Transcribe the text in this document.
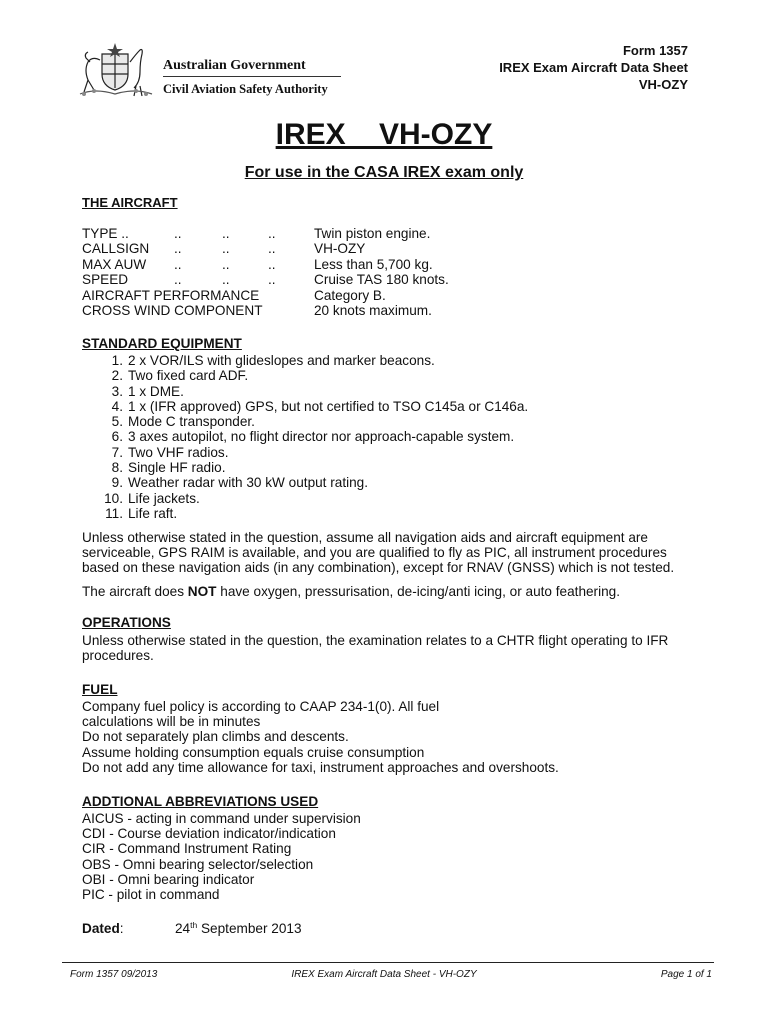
Australian Government
Civil Aviation Safety Authority
Form 1357
IREX Exam Aircraft Data Sheet
VH-OZY
IREX    VH-OZY
For use in the CASA IREX exam only
THE AIRCRAFT
TYPE ..	..	..	..	Twin piston engine.
CALLSIGN ..	..	..	VH-OZY
MAX AUW ..	..	..	Less than 5,700 kg.
SPEED	..	..	..	Cruise TAS 180 knots.
AIRCRAFT PERFORMANCE	Category B.
CROSS WIND COMPONENT	20 knots maximum.
STANDARD EQUIPMENT
1. 2 x VOR/ILS with glideslopes and marker beacons.
2. Two fixed card ADF.
3. 1 x DME.
4. 1 x (IFR approved) GPS, but not certified to TSO C145a or C146a.
5. Mode C transponder.
6. 3 axes autopilot, no flight director nor approach-capable system.
7. Two VHF radios.
8. Single HF radio.
9. Weather radar with 30 kW output rating.
10. Life jackets.
11. Life raft.
Unless otherwise stated in the question, assume all navigation aids and aircraft equipment are serviceable, GPS RAIM is available, and you are qualified to fly as PIC, all instrument procedures based on these navigation aids (in any combination), except for RNAV (GNSS) which is not tested.
The aircraft does NOT have oxygen, pressurisation, de-icing/anti icing, or auto feathering.
OPERATIONS
Unless otherwise stated in the question, the examination relates to a CHTR flight operating to IFR procedures.
FUEL
Company fuel policy is according to CAAP 234-1(0). All fuel
calculations will be in minutes
Do not separately plan climbs and descents.
Assume holding consumption equals cruise consumption
Do not add any time allowance for taxi, instrument approaches and overshoots.
ADDTIONAL ABBREVIATIONS USED
AICUS - acting in command under supervision
CDI - Course deviation indicator/indication
CIR - Command Instrument Rating
OBS - Omni bearing selector/selection
OBI - Omni bearing indicator
PIC - pilot in command
Dated:	24th September 2013
Form 1357 09/2013	IREX Exam Aircraft Data Sheet - VH-OZY	Page 1 of 1
